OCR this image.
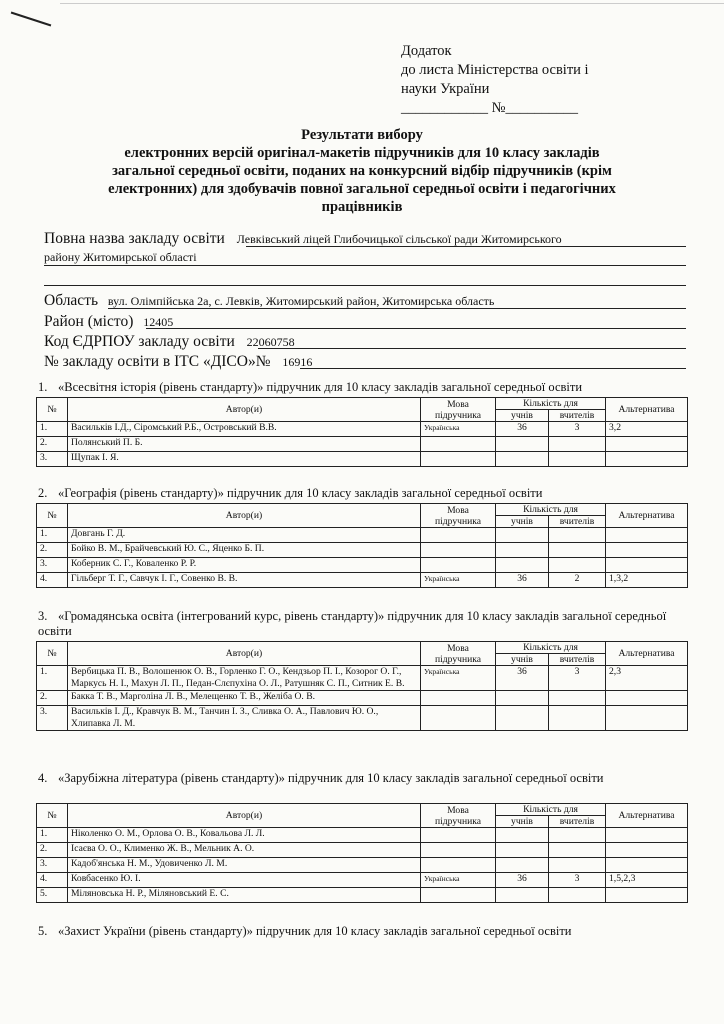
Додаток
до листа Міністерства освіти і
науки України
____________ №__________
Результати вибору
електронних версій оригінал-макетів підручників для 10 класу закладів
загальної середньої освіти, поданих на конкурсний відбір підручників (крім
електронних) для здобувачів повної загальної середньої освіти і педагогічних
працівників
Повна назва закладу освіти Левківський ліцей Глибочицької сільської ради Житомирського
району Житомирської області
Область вул. Олімпійська 2а, с. Левків, Житомирський район, Житомирська область
Район (місто) 12405
Код ЄДРПОУ закладу освіти 22060758
№ закладу освіти в ІТС «ДІСО»№ 16916
1. «Всесвітня історія (рівень стандарту)» підручник для 10 класу закладів загальної середньої освіти
№	Автор(и)	Мова підручника	Кількість для		Альтернатива
			учнів	вчителів	
1.	Васильків І.Д., Сіромський Р.Б., Островський В.В.	Українська	36	3	3,2
2.	Полянський П. Б.				
3.	Щупак І. Я.				
2. «Географія (рівень стандарту)» підручник для 10 класу закладів загальної середньої освіти
№	Автор(и)	Мова підручника	Кількість для		Альтернатива
			учнів	вчителів	
1.	Довгань Г. Д.				
2.	Бойко В. М., Брайчевський Ю. С., Яценко Б. П.				
3.	Коберник С. Г., Коваленко Р. Р.				
4.	Гільберг Т. Г., Савчук І. Г., Совенко В. В.	Українська	36	2	1,3,2
3. «Громадянська освіта (інтегрований курс, рівень стандарту)» підручник для 10 класу закладів загальної середньої освіти
№	Автор(и)	Мова підручника	Кількість для		Альтернатива
			учнів	вчителів	
1.	Вербицька П. В., Волошенюк О. В., Горленко Г. О., Кендзьор П. І., Козорог О. Г., Маркусь Н. І., Махун Л. П., Педан-Слєпухіна О. Л., Ратушняк С. П., Ситник Е. В.	Українська	36	3	2,3
2.	Бакка Т. В., Марголіна Л. В., Мелещенко Т. В., Желіба О. В.				
3.	Васильків І. Д., Кравчук В. М., Танчин І. З., Сливка О. А., Павлович Ю. О., Хлипавка Л. М.				
4. «Зарубіжна література (рівень стандарту)» підручник для 10 класу закладів загальної середньої освіти
№	Автор(и)	Мова підручника	Кількість для		Альтернатива
			учнів	вчителів	
1.	Ніколенко О. М., Орлова О. В., Ковальова Л. Л.				
2.	Ісаєва О. О., Клименко Ж. В., Мельник А. О.				
3.	Кадоб'янська Н. М., Удовиченко Л. М.				
4.	Ковбасенко Ю. І.	Українська	36	3	1,5,2,3
5.	Міляновська Н. Р., Міляновський Е. С.				
5. «Захист України (рівень стандарту)» підручник для 10 класу закладів загальної середньої освіти
